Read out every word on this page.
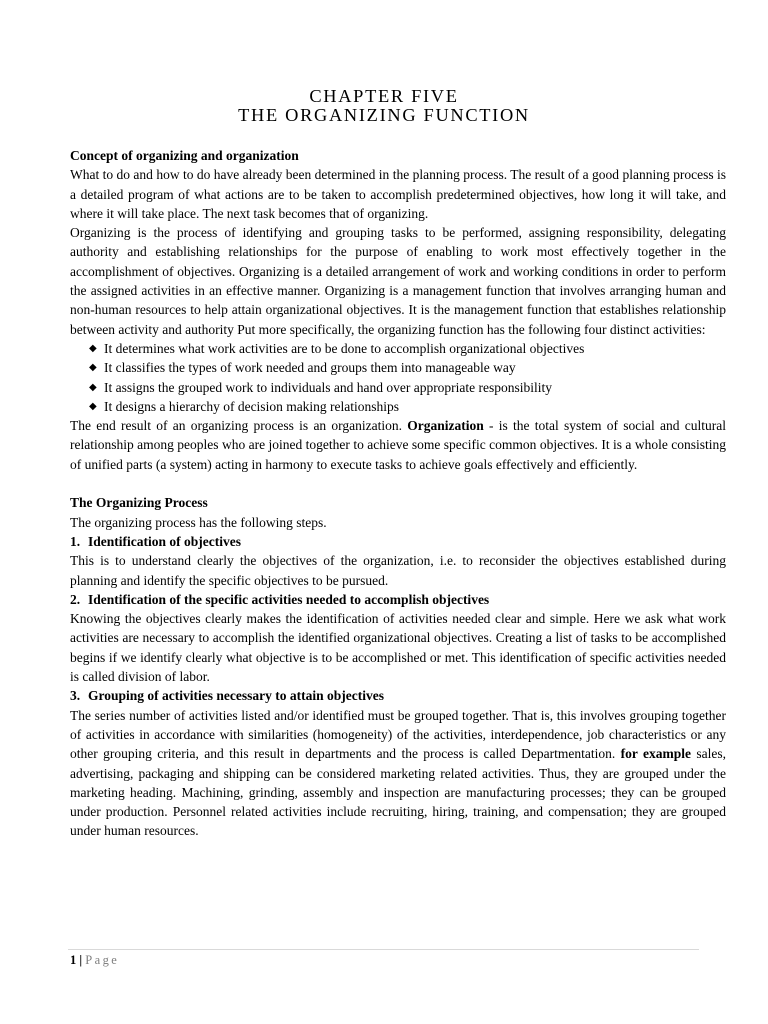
CHAPTER FIVE
THE ORGANIZING FUNCTION
Concept of organizing and organization

What to do and how to do have already been determined in the planning process. The result of a good planning process is a detailed program of what actions are to be taken to accomplish predetermined objectives, how long it will take, and where it will take place. The next task becomes that of organizing.

Organizing is the process of identifying and grouping tasks to be performed, assigning responsibility, delegating authority and establishing relationships for the purpose of enabling to work most effectively together in the accomplishment of objectives. Organizing is a detailed arrangement of work and working conditions in order to perform the assigned activities in an effective manner. Organizing is a management function that involves arranging human and non-human resources to help attain organizational objectives. It is the management function that establishes relationship between activity and authority Put more specifically, the organizing function has the following four distinct activities:

◆ It determines what work activities are to be done to accomplish organizational objectives
◆ It classifies the types of work needed and groups them into manageable way
◆ It assigns the grouped work to individuals and hand over appropriate responsibility
◆ It designs a hierarchy of decision making relationships

The end result of an organizing process is an organization. Organization - is the total system of social and cultural relationship among peoples who are joined together to achieve some specific common objectives. It is a whole consisting of unified parts (a system) acting in harmony to execute tasks to achieve goals effectively and efficiently.

The Organizing Process

The organizing process has the following steps.

1. Identification of objectives

This is to understand clearly the objectives of the organization, i.e. to reconsider the objectives established during planning and identify the specific objectives to be pursued.

2. Identification of the specific activities needed to accomplish objectives

Knowing the objectives clearly makes the identification of activities needed clear and simple. Here we ask what work activities are necessary to accomplish the identified organizational objectives. Creating a list of tasks to be accomplished begins if we identify clearly what objective is to be accomplished or met. This identification of specific activities needed is called division of labor.

3. Grouping of activities necessary to attain objectives

The series number of activities listed and/or identified must be grouped together. That is, this involves grouping together of activities in accordance with similarities (homogeneity) of the activities, interdependence, job characteristics or any other grouping criteria, and this result in departments and the process is called Departmentation. for example sales, advertising, packaging and shipping can be considered marketing related activities. Thus, they are grouped under the marketing heading. Machining, grinding, assembly and inspection are manufacturing processes; they can be grouped under production. Personnel related activities include recruiting, hiring, training, and compensation; they are grouped under human resources.

1 | Page
